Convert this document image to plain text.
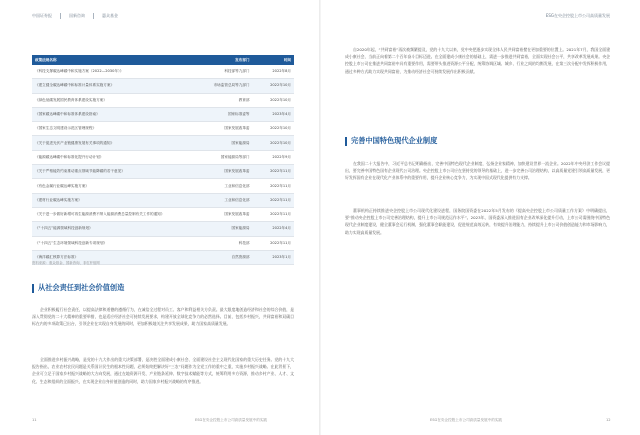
中国证券报	国新咨询	惠众基金
政策法规名称	发布部门	时间
《科技支撑碳达峰碳中和实施方案（2022—2030年）》	科技部等九部门	2022年8月
《建立健全碳达峰碳中和标准计量体系实施方案》	市场监管总局等九部门	2022年10月
《绿色低碳发展国民教育体系建设实施方案》	教育部	2022年10月
《国家碳达峰碳中和标准体系建设指南》	国家标准委等	2023年4月
《国家生态文明建设示范区管理规程》	国家发展改革委	2022年10月
《关于促进光伏产业链健康发展有关事项的通知》	国家能源局	2022年10月
《能源碳达峰碳中和标准化提升行动计划》	国家能源局等部门	2022年9月
《关于严格能效约束推动重点领域节能降碳的若干意见》	国家发展改革委	2022年11月
《有色金属行业碳达峰实施方案》	工业和信息化部	2022年11月
《建材行业碳达峰实施方案》	工业和信息化部	2022年11月
《关于进一步做好新增可再生能源消费不纳入能源消费总量控制有关工作的通知》	国家发展改革委	2022年11月
《“十四五”能源领域科技创新规划》	国家能源局	2022年4月
《“十四五”生态环境领域科技创新专项规划》	科技部	2022年11月
《海洋碳汇核算方法标准》	自然资源部	2023年1月
资料来源：惠众基金、国新咨询、非杠杆组网
从社会责任到社会价值创造

企业积极履行社会责任，以提高法律和道德的遵循行为，在诚信全过程对员工、客户和利益相关方负责。最大限度地创造经济和社会的综合价值，是深入贯彻党的二十大精神的重要举措，也是适应经济社会可持续发展要求，构建开放全球化竞争力的必然选择。目前，包括乡村振兴，共同富裕和双碳目标在内的多项政策已出台，引领企业在实现自身发展的同时，更加积极地关注共享发展成果，助力国家高质量发展。

全面推进乡村振兴战略，是党的十九大作出的重大决策部署，是决胜全面建成小康社会、全面建设社会主义现代化国家的重大历史任务。党的十九大报告指出，农业农村农民问题是关系国计民生的根本性问题，必须始终把解决好“三农”问题作为全党工作的重中之重，实施乡村振兴战略。在此背景下，企业可立足于国家乡村振兴战略的大方向发展，通过在地资源开发、产业链条延伸、数字技术赋能等方式，统筹利用多方资源，推动乡村产业、人才、文化、生态和组织的全面振兴，在实现企业自身价值创造的同时，助力国家乡村振兴战略的有序推进。

11	ESG在央企控股上市公司高质量发展中的实践
ESG在央企控股上市公司高质量发展

自2020年起，“共同富裕”再次被频繁提及，党的十九大以来，党中央把逐步实现全体人民共同富裕摆在更加重要的位置上。2021年7月，我国全面建成小康社会，当前正向着第二个百年奋斗目标迈进。在全面建成小康社会的基础上，需进一步推进共同富裕，全面实现社会公平，共享改革发展成果。央企控股上市公司在推进共同富裕中具有重要作用，需要带头推进资源公平分配，统筹协调区域、城乡、行业之间的均衡发展，在第三次分配中发挥积极作用，通过多种方式助力实现共同富裕，为推动经济社会可持续发展作出积极贡献。

完善中国特色现代企业制度

在我国二十大报告中，习近平总书记明确指出，完善中国特色现代企业制度，弘扬企业家精神，加快建设世界一流企业。2022年中央经济工作会议提出，要完善中国特色国有企业现代公司治理。央企控股上市公司应在坚持党的领导的基础上，进一步完善公司治理结构，以高质量党建引领高质量发展，更好发挥国有企业在现代化产业体系中的重要作用，提升企业核心竞争力，为实现中国式现代化提供有力支撑。

董事机构正持续推进央企控股上市公司现代化建设进程，国务院国资委在2022年5月发布的《提高央企控股上市公司质量工作方案》中明确提出，要“推动央企控股上市公司完善治理结构，提升上市公司规范运作水平”。2023年，国资委深入推进国有企业改革深化提升行动，上市公司需围绕中国特色现代企业制度建设，健全董事会运行机制，强化董事会职能建设，促进规范高效运转，有效提升治理能力，持续提升上市公司价值创造能力和市场影响力，助力实现高质量发展。

ESG在央企控股上市公司高质量发展中的实践	12
